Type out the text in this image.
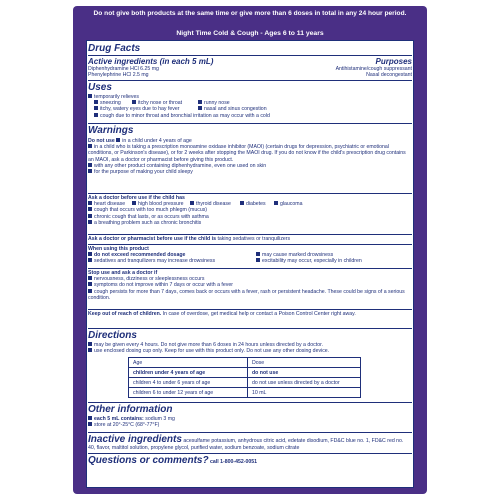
Do not give both products at the same time or give more than 6 doses in total in any 24 hour period.
Night Time Cold & Cough - Ages 6 to 11 years
Drug Facts
Active ingredients (in each 5 mL)	Purposes
Diphenhydramine HCl 6.25 mg	Antihistamine/cough suppressant
Phenylephrine HCl 2.5 mg	Nasal decongestant
Uses
temporarily relieves
sneezing	itchy nose or throat	runny nose
itchy, watery eyes due to hay fever	nasal and sinus congestion
cough due to minor throat and bronchial irritation as may occur with a cold
Warnings
Do not use in a child under 4 years of age
in a child who is taking a prescription monoamine oxidase inhibitor (MAOI) (certain drugs for depression, psychiatric or emotional conditions, or Parkinson's disease), or for 2 weeks after stopping the MAOI drug. If you do not know if the child's prescription drug contains an MAOI, ask a doctor or pharmacist before giving this product.
with any other product containing diphenhydramine, even one used on skin
for the purpose of making your child sleepy
Ask a doctor before use if the child has
heart disease	high blood pressure	thyroid disease	diabetes	glaucoma
cough that occurs with too much phlegm (mucus)
chronic cough that lasts, or as occurs with asthma
a breathing problem such as chronic bronchitis
Ask a doctor or pharmacist before use if the child is taking sedatives or tranquilizers
When using this product
do not exceed recommended dosage	may cause marked drowsiness
sedatives and tranquilizers may increase drowsiness	excitability may occur, especially in children
Stop use and ask a doctor if
nervousness, dizziness or sleeplessness occurs
symptoms do not improve within 7 days or occur with a fever
cough persists for more than 7 days, comes back or occurs with a fever, rash or persistent headache. These could be signs of a serious condition.
Keep out of reach of children. In case of overdose, get medical help or contact a Poison Control Center right away.
Directions
may be given every 4 hours. Do not give more than 6 doses in 24 hours unless directed by a doctor.
use enclosed dosing cup only. Keep for use with this product only. Do not use any other dosing device.
Age	Dose
children under 4 years of age	do not use
children 4 to under 6 years of age	do not use unless directed by a doctor
children 6 to under 12 years of age	10 mL
Other information
each 5 mL contains: sodium 3 mg
store at 20°-25°C (68°-77°F)
Inactive ingredients acesulfame potassium, anhydrous citric acid, edetate disodium, FD&C blue no. 1, FD&C red no. 40, flavor, maltitol solution, propylene glycol, purified water, sodium benzoate, sodium citrate
Questions or comments? call 1-800-452-0051
